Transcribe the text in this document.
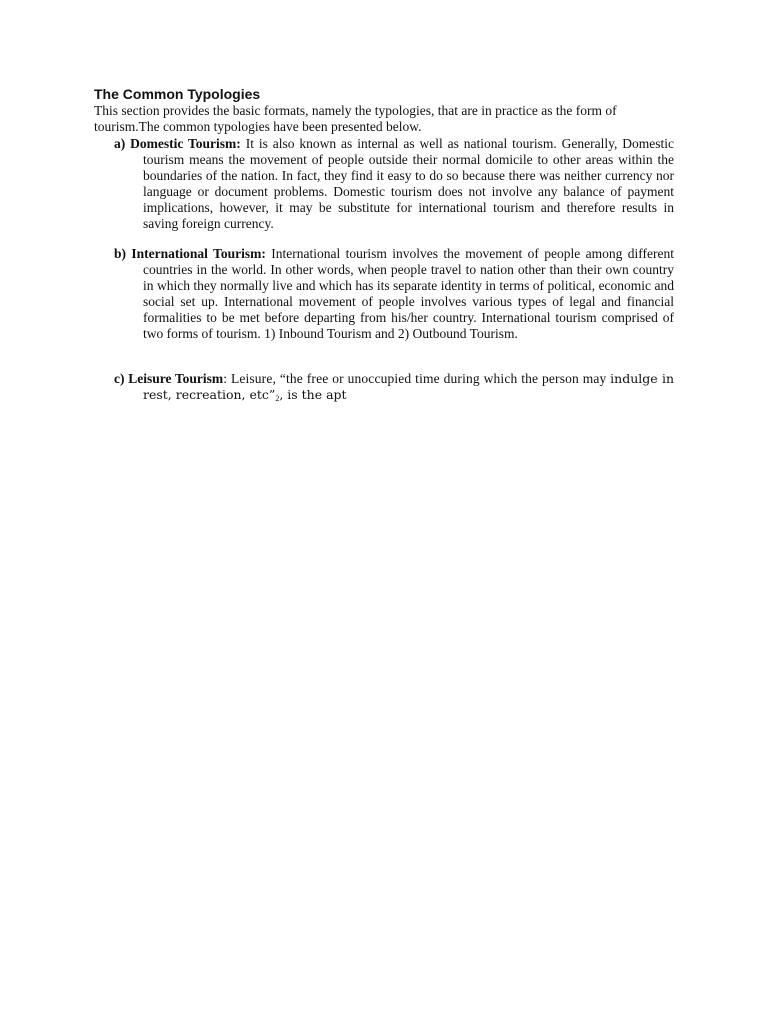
The Common Typologies

This section provides the basic formats, namely the typologies, that are in practice as the form of tourism.The common typologies have been presented below.

a) Domestic Tourism: It is also known as internal as well as national tourism. Generally, Domestic tourism means the movement of people outside their normal domicile to other areas within the boundaries of the nation. In fact, they find it easy to do so because there was neither currency nor language or document problems. Domestic tourism does not involve any balance of payment implications, however, it may be substitute for international tourism and therefore results in saving foreign currency.

b) International Tourism: International tourism involves the movement of people among different countries in the world. In other words, when people travel to nation other than their own country in which they normally live and which has its separate identity in terms of political, economic and social set up. International movement of people involves various types of legal and financial formalities to be met before departing from his/her country. International tourism comprised of two forms of tourism. 1) Inbound Tourism and 2) Outbound Tourism.

c) Leisure Tourism: Leisure, “the free or unoccupied time during which the person may indulge in rest, recreation, $etc”_2$, is the apt
